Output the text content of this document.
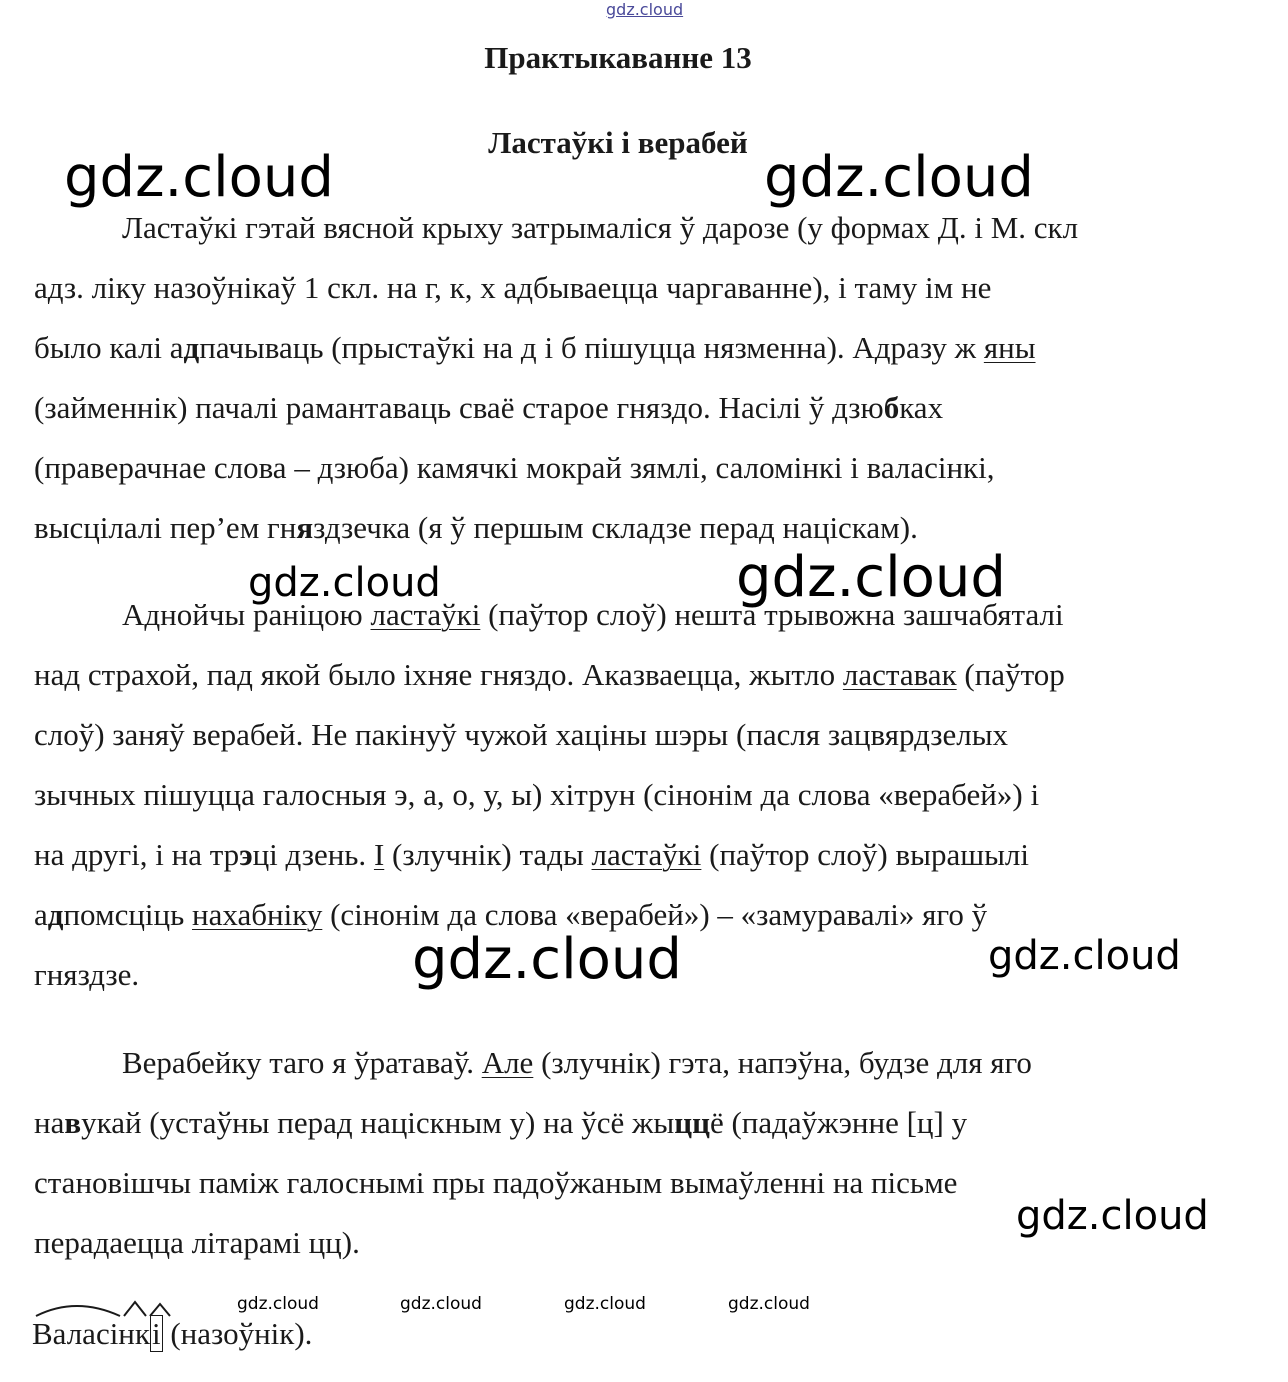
gdz.cloud
Практыкаванне 13
Ластаўкі і верабей
Ластаўкі гэтай вясной крыху затрымаліся ў дарозе (у формах Д. і М. скл
адз. ліку назоўнікаў 1 скл. на г, к, х адбываецца чаргаванне), і таму ім не
было калі адпачываць (прыстаўкі на д і б пішуцца нязменна). Адразу ж яны
(займеннік) пачалі рамантаваць сваё старое гняздо. Насілі ў дзюбках
(праверачнае слова – дзюба) камячкі мокрай зямлі, саломінкі і валасінкі,
высцілалі пер’ем гняздзечка (я ў першым складзе перад націскам).
Аднойчы раніцою ластаўкі (паўтор слоў) нешта трывожна зашчабяталі
над страхой, пад якой было іхняе гняздо. Аказваецца, жытло ластавак (паўтор
слоў) заняў верабей. Не пакінуў чужой хаціны шэры (пасля зацвярдзелых
зычных пішуцца галосныя э, а, о, у, ы) хітрун (сінонім да слова «верабей») і
на другі, і на трэці дзень. І (злучнік) тады ластаўкі (паўтор слоў) вырашылі
адпомсціць нахабніку (сінонім да слова «верабей») – «замуравалі» яго ў
гняздзе.
Верабейку таго я ўратаваў. Але (злучнік) гэта, напэўна, будзе для яго
навукай (устаўны перад націскным у) на ўсё жыццё (падаўжэнне [ц] у
становішчы паміж галоснымі пры падоўжаным вымаўленні на пісьме
перадаецца літарамі цц).
Валасінкі (назоўнік).
gdz.cloud	gdz.cloud
gdz.cloud	gdz.cloud
gdz.cloud	gdz.cloud
gdz.cloud
gdz.cloud	gdz.cloud	gdz.cloud	gdz.cloud
